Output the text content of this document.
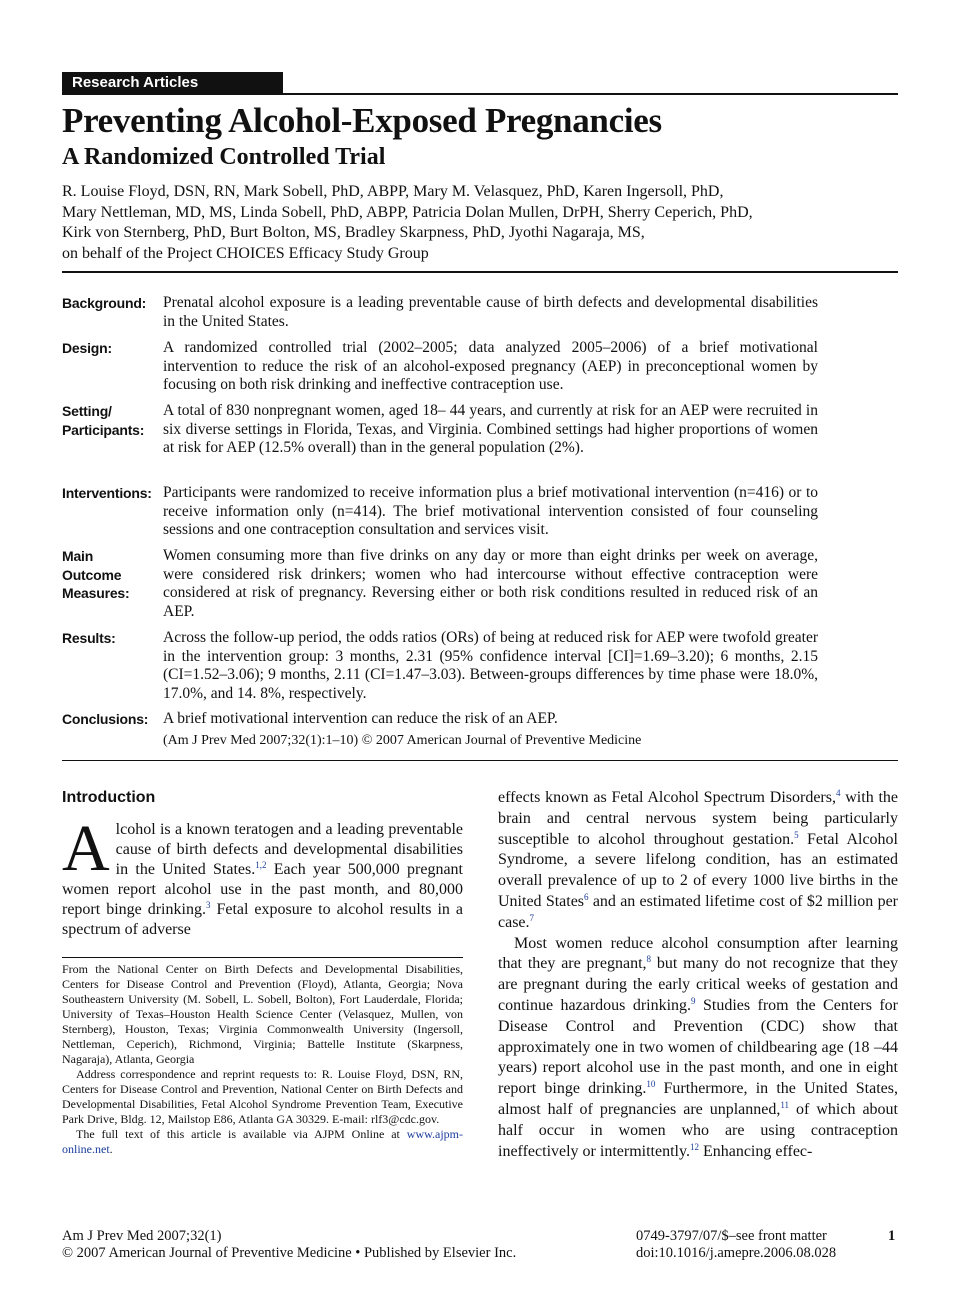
Research Articles
Preventing Alcohol-Exposed Pregnancies
A Randomized Controlled Trial
R. Louise Floyd, DSN, RN, Mark Sobell, PhD, ABPP, Mary M. Velasquez, PhD, Karen Ingersoll, PhD,
Mary Nettleman, MD, MS, Linda Sobell, PhD, ABPP, Patricia Dolan Mullen, DrPH, Sherry Ceperich, PhD,
Kirk von Sternberg, PhD, Burt Bolton, MS, Bradley Skarpness, PhD, Jyothi Nagaraja, MS,
on behalf of the Project CHOICES Efficacy Study Group
Background:	Prenatal alcohol exposure is a leading preventable cause of birth defects and developmental disabilities in the United States.
Design:	A randomized controlled trial (2002–2005; data analyzed 2005–2006) of a brief motivational intervention to reduce the risk of an alcohol-exposed pregnancy (AEP) in preconceptional women by focusing on both risk drinking and ineffective contraception use.
Setting/ Participants:
A total of 830 nonpregnant women, aged 18– 44 years, and currently at risk for an AEP were recruited in six diverse settings in Florida, Texas, and Virginia. Combined settings had higher proportions of women at risk for AEP (12.5% overall) than in the general population (2%).
Interventions: Participants were randomized to receive information plus a brief motivational intervention (n=416) or to receive information only (n=414). The brief motivational intervention consisted of four counseling sessions and one contraception consultation and services visit.
Main Outcome Measures:
Women consuming more than five drinks on any day or more than eight drinks per week on average, were considered risk drinkers; women who had intercourse without effective contraception were considered at risk of pregnancy. Reversing either or both risk conditions resulted in reduced risk of an AEP.
Results:	Across the follow-up period, the odds ratios (ORs) of being at reduced risk for AEP were twofold greater in the intervention group: 3 months, 2.31 (95% confidence interval [CI]=1.69–3.20); 6 months, 2.15 (CI=1.52–3.06); 9 months, 2.11 (CI=1.47–3.03). Between-groups differences by time phase were 18.0%, 17.0%, and 14. 8%, respectively.
Conclusions: A brief motivational intervention can reduce the risk of an AEP.
(Am J Prev Med 2007;32(1):1–10) © 2007 American Journal of Preventive Medicine
Introduction
Alcohol is a known teratogen and a leading preventable cause of birth defects and developmental disabilities in the United States.$^{1,2}$ Each year 500,000 pregnant women report alcohol use in the past month, and 80,000 report binge drinking.$^3$ Fetal exposure to alcohol results in a spectrum of adverse

From the National Center on Birth Defects and Developmental Disabilities, Centers for Disease Control and Prevention (Floyd), Atlanta, Georgia; Nova Southeastern University (M. Sobell, L. Sobell, Bolton), Fort Lauderdale, Florida; University of Texas–Houston Health Science Center (Velasquez, Mullen, von Sternberg), Houston, Texas; Virginia Commonwealth University (Ingersoll, Nettleman, Ceperich), Richmond, Virginia; Battelle Institute (Skarpness, Nagaraja), Atlanta, Georgia

Address correspondence and reprint requests to: R. Louise Floyd, DSN, RN, Centers for Disease Control and Prevention, National Center on Birth Defects and Developmental Disabilities, Fetal Alcohol Syndrome Prevention Team, Executive Park Drive, Bldg. 12, Mailstop E86, Atlanta GA 30329. E-mail: rlf3@cdc.gov.

The full text of this article is available via AJPM Online at www.ajpm-online.net.

effects known as Fetal Alcohol Spectrum Disorders,$^4$ with the brain and central nervous system being particularly susceptible to alcohol throughout gestation.$^5$ Fetal Alcohol Syndrome, a severe lifelong condition, has an estimated overall prevalence of up to 2 of every 1000 live births in the United States$^6$ and an estimated lifetime cost of $2 million per case.$^7$

Most women reduce alcohol consumption after learning that they are pregnant,$^8$ but many do not recognize that they are pregnant during the early critical weeks of gestation and continue hazardous drinking.$^9$ Studies from the Centers for Disease Control and Prevention (CDC) show that approximately one in two women of childbearing age (18 –44 years) report alcohol use in the past month, and one in eight report binge drinking.$^{10}$ Furthermore, in the United States, almost half of pregnancies are unplanned,$^{11}$ of which about half occur in women who are using contraception ineffectively or intermittently.$^{12}$ Enhancing effec-

Am J Prev Med 2007;32(1)
© 2007 American Journal of Preventive Medicine • Published by Elsevier Inc.
0749-3797/07/$–see front matter
doi:10.1016/j.amepre.2006.08.028
1
